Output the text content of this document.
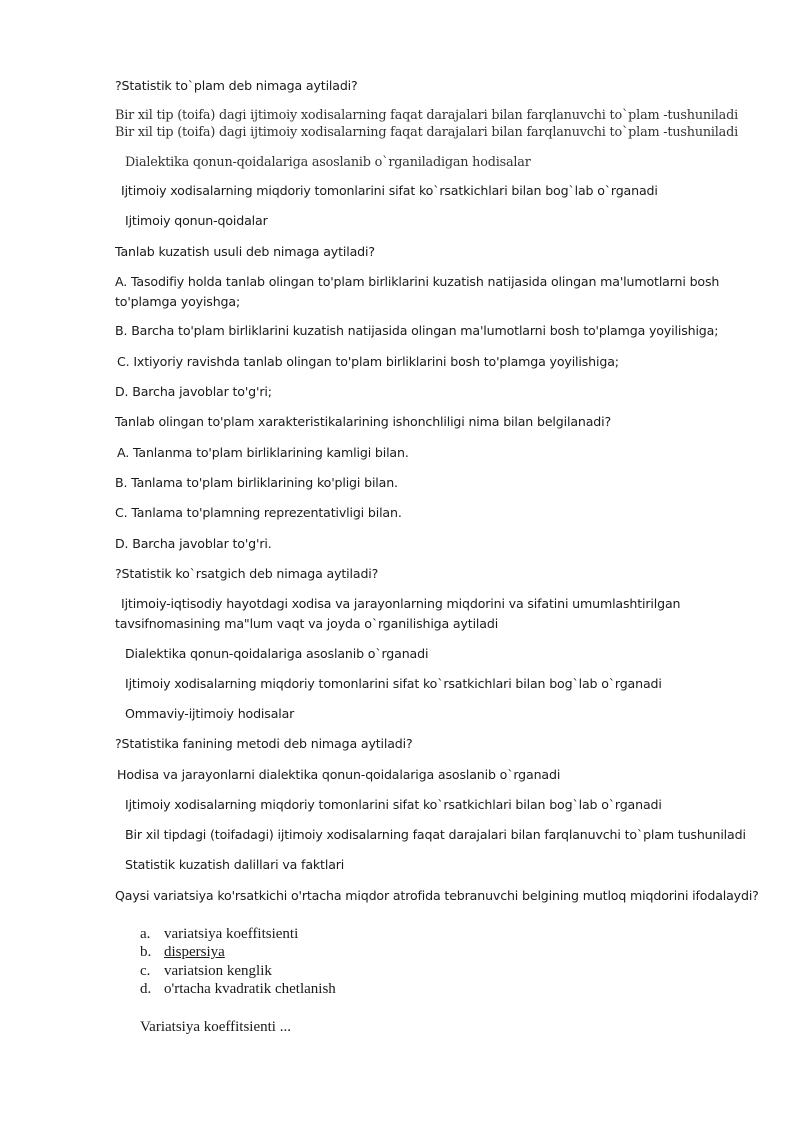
?Statistik to`plam deb nimaga aytiladi?
Bir xil tip (toifa) dagi ijtimoiy xodisalarning faqat darajalari bilan farqlanuvchi to`plam -tushuniladi Bir xil tip (toifa) dagi ijtimoiy xodisalarning faqat darajalari bilan farqlanuvchi to`plam -tushuniladi
Dialektika qonun-qoidalariga asoslanib o`rganiladigan hodisalar
Ijtimoiy xodisalarning miqdoriy tomonlarini sifat ko`rsatkichlari bilan bog`lab o`rganadi
Ijtimoiy qonun-qoidalar
Tanlab kuzatish usuli deb nimaga aytiladi?
A. Tasodifiy holda tanlab olingan to'plam birliklarini kuzatish natijasida olingan ma'lumotlarni bosh to'plamga yoyishga;
B. Barcha to'plam birliklarini kuzatish natijasida olingan ma'lumotlarni bosh to'plamga yoyilishiga;
C. Ixtiyoriy ravishda tanlab olingan to'plam birliklarini bosh to'plamga yoyilishiga;
D. Barcha javoblar to'g'ri;
Tanlab olingan to'plam xarakteristikalarining ishonchliligi nima bilan belgilanadi?
A. Tanlanma to'plam birliklarining kamligi bilan.
B. Tanlama to'plam birliklarining ko'pligi bilan.
C. Tanlama to'plamning reprezentativligi bilan.
D. Barcha javoblar to'g'ri.
?Statistik ko`rsatgich deb nimaga aytiladi?
Ijtimoiy-iqtisodiy hayotdagi xodisa va jarayonlarning miqdorini va sifatini umumlashtirilgan tavsifnomasining ma"lum vaqt va joyda o`rganilishiga aytiladi
Dialektika qonun-qoidalariga asoslanib o`rganadi
Ijtimoiy xodisalarning miqdoriy tomonlarini sifat ko`rsatkichlari bilan bog`lab o`rganadi
Ommaviy-ijtimoiy hodisalar
?Statistika fanining metodi deb nimaga aytiladi?
Hodisa va jarayonlarni dialektika qonun-qoidalariga asoslanib o`rganadi
Ijtimoiy xodisalarning miqdoriy tomonlarini sifat ko`rsatkichlari bilan bog`lab o`rganadi
Bir xil tipdagi (toifadagi) ijtimoiy xodisalarning faqat darajalari bilan farqlanuvchi to`plam tushuniladi
Statistik kuzatish dalillari va faktlari
Qaysi variatsiya ko'rsatkichi o'rtacha miqdor atrofida tebranuvchi belgining mutloq miqdorini ifodalaydi?
a. variatsiya koeffitsienti
b. dispersiya
c. variatsion kenglik
d. o'rtacha kvadratik chetlanish
Variatsiya koeffitsienti ...
